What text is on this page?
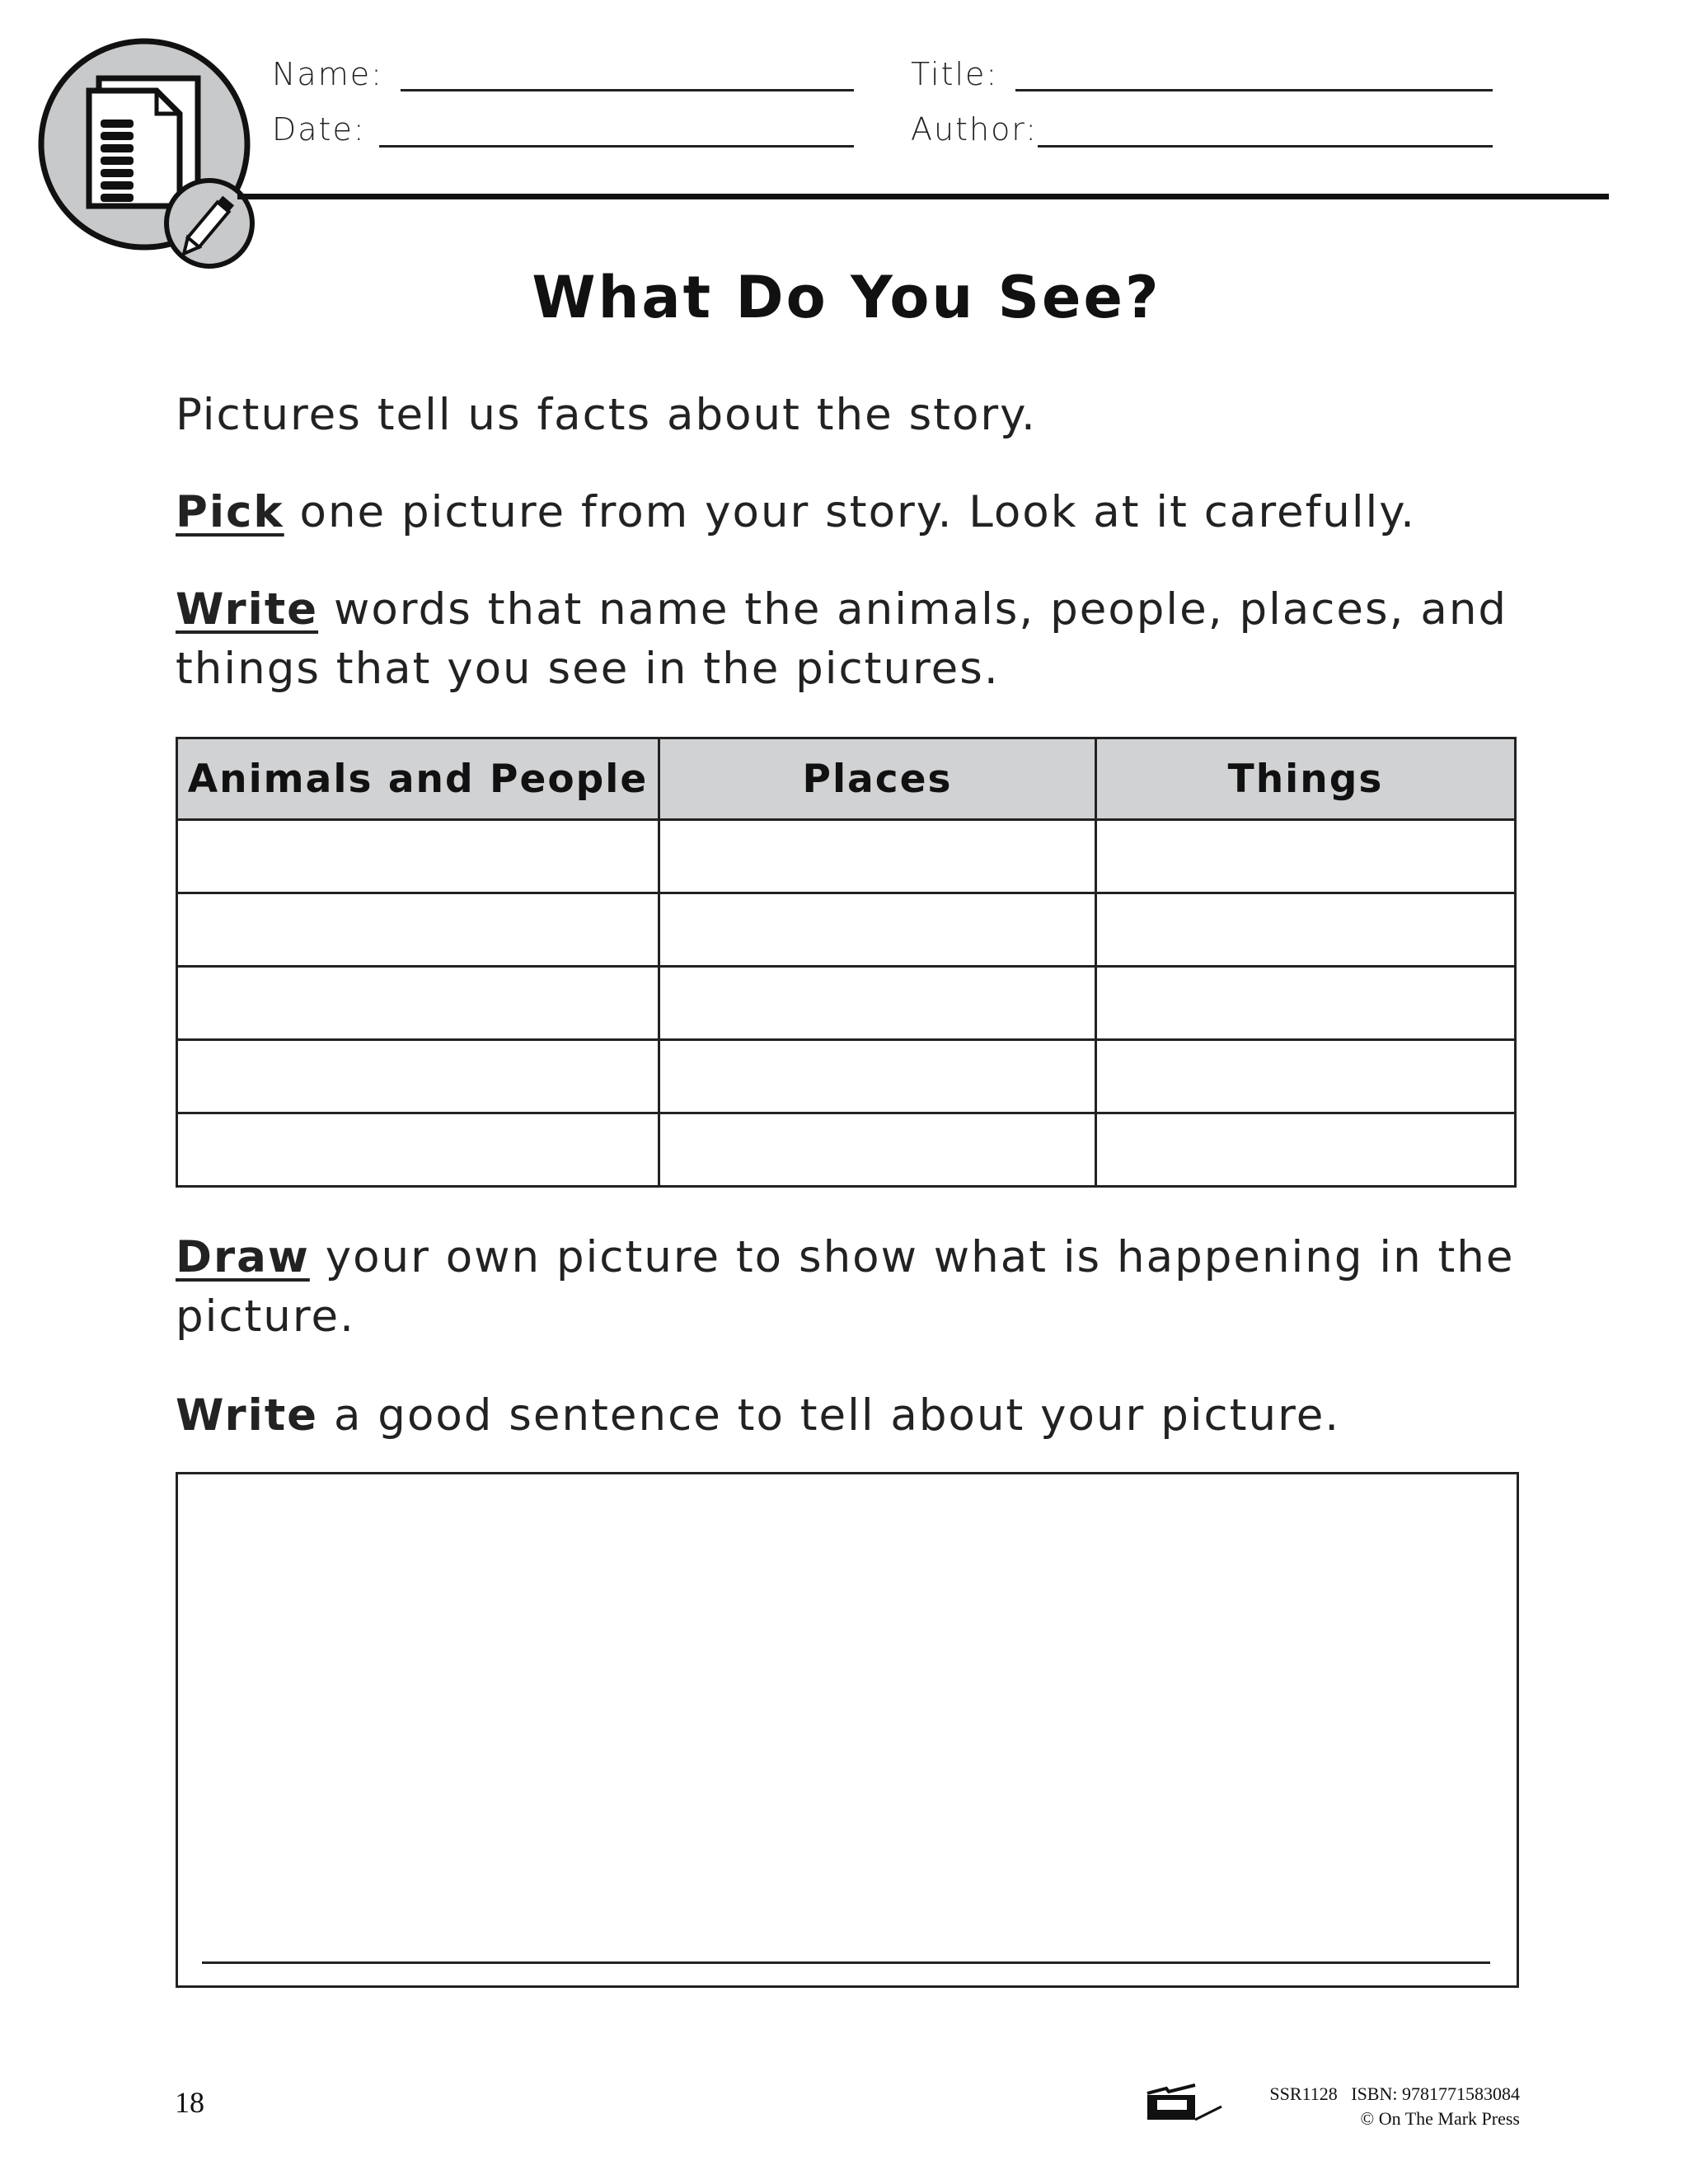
Name:	Title:
Date:	Author:
What Do You See?
Pictures tell us facts about the story.
Pick one picture from your story. Look at it carefully.
Write words that name the animals, people, places, and things that you see in the pictures.
Animals and People	Places	Things

Draw your own picture to show what is happening in the picture.
Write a good sentence to tell about your picture.
18	SSR1128 ISBN: 9781771583084
© On The Mark Press
